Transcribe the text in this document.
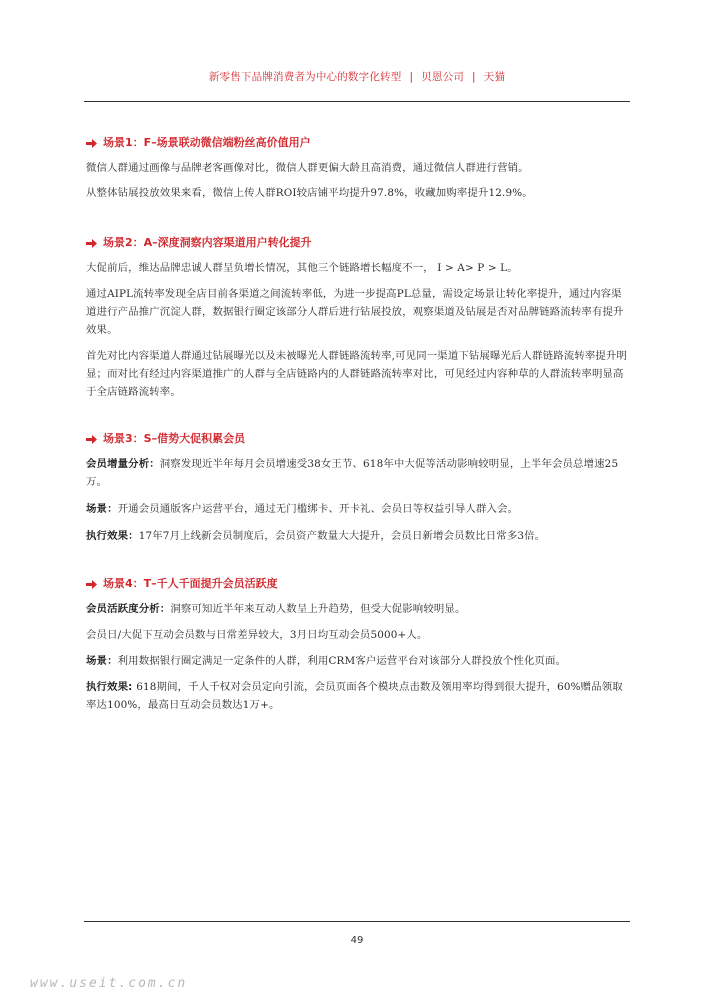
新零售下品牌消费者为中心的数字化转型 | 贝恩公司 | 天猫
场景1：F–场景联动微信端粉丝高价值用户

微信人群通过画像与品牌老客画像对比，微信人群更偏大龄且高消费，通过微信人群进行营销。

从整体钻展投放效果来看，微信上传人群ROI较店铺平均提升97.8%，收藏加购率提升12.9%。

场景2：A–深度洞察内容渠道用户转化提升

大促前后，维达品牌忠诚人群呈负增长情况，其他三个链路增长幅度不一， I > A> P > L。

通过AIPL流转率发现全店目前各渠道之间流转率低，为进一步提高PL总量，需设定场景让转化率提升，通过内容渠道进行产品推广沉淀人群，数据银行圈定该部分人群后进行钻展投放，观察渠道及钻展是否对品牌链路流转率有提升效果。

首先对比内容渠道人群通过钻展曝光以及未被曝光人群链路流转率,可见同一渠道下钻展曝光后人群链路流转率提升明显；而对比有经过内容渠道推广的人群与全店链路内的人群链路流转率对比，可见经过内容种草的人群流转率明显高于全店链路流转率。

场景3：S–借势大促积累会员

会员增量分析：洞察发现近半年每月会员增速受38女王节、618年中大促等活动影响较明显，上半年会员总增速25万。

场景：开通会员通版客户运营平台，通过无门槛绑卡、开卡礼、会员日等权益引导人群入会。

执行效果：17年7月上线新会员制度后，会员资产数量大大提升，会员日新增会员数比日常多3倍。

场景4：T–千人千面提升会员活跃度

会员活跃度分析：洞察可知近半年来互动人数呈上升趋势，但受大促影响较明显。

会员日/大促下互动会员数与日常差异较大，3月日均互动会员5000+人。

场景：利用数据银行圈定满足一定条件的人群，利用CRM客户运营平台对该部分人群投放个性化页面。

执行效果: 618期间，千人千权对会员定向引流，会员页面各个模块点击数及领用率均得到很大提升，60%赠品领取率达100%，最高日互动会员数达1万+。

49
www.useit.com.cn
